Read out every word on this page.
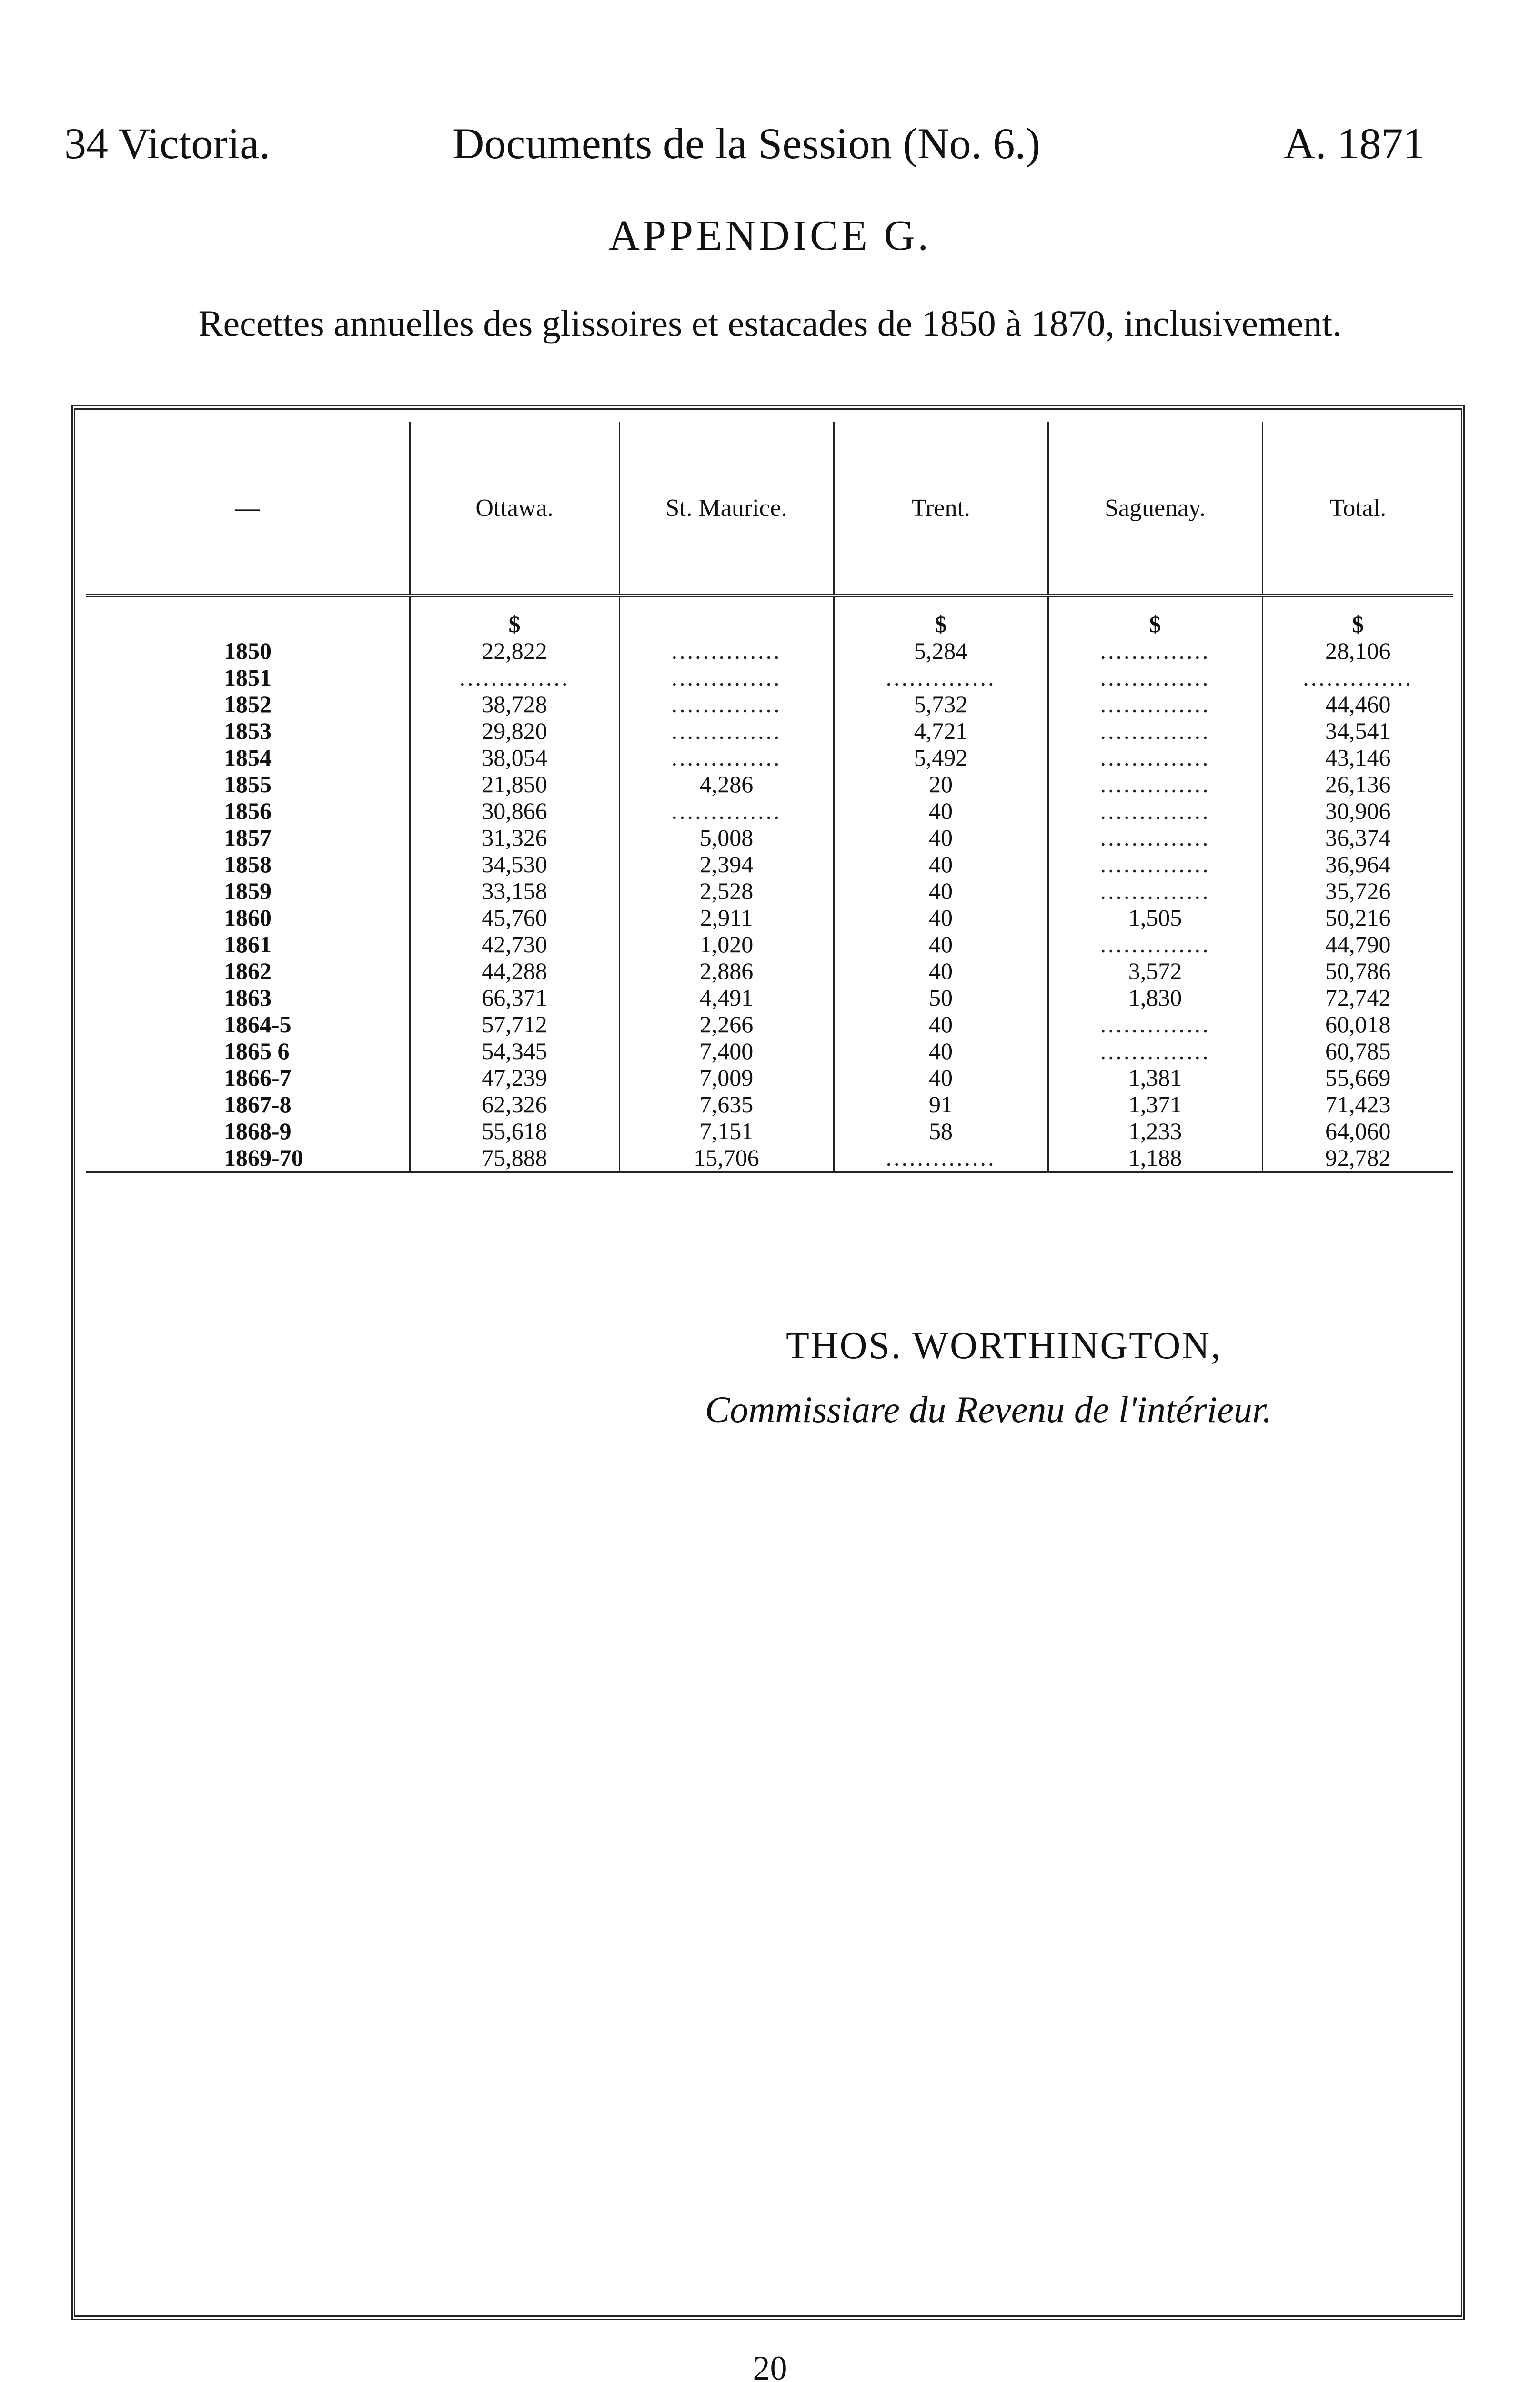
34 Victoria.	Documents de la Session (No. 6.)	A. 1871
APPENDICE G.
Recettes annuelles des glissoires et estacades de 1850 à 1870, inclusivement.
—	Ottawa.	St. Maurice.	Trent.	Saguenay.	Total.
	$		$	$	$
1850	22,822	..............	5,284	..............	28,106
1851	..............	..............	..............	..............	..............
1852	38,728	..............	5,732	..............	44,460
1853	29,820	..............	4,721	..............	34,541
1854	38,054	..............	5,492	..............	43,146
1855	21,850	4,286	20	..............	26,136
1856	30,866	..............	40	..............	30,906
1857	31,326	5,008	40	..............	36,374
1858	34,530	2,394	40	..............	36,964
1859	33,158	2,528	40	..............	35,726
1860	45,760	2,911	40	1,505	50,216
1861	42,730	1,020	40	..............	44,790
1862	44,288	2,886	40	3,572	50,786
1863	66,371	4,491	50	1,830	72,742
1864-5	57,712	2,266	40	..............	60,018
1865 6	54,345	7,400	40	..............	60,785
1866-7	47,239	7,009	40	1,381	55,669
1867-8	62,326	7,635	91	1,371	71,423
1868-9	55,618	7,151	58	1,233	64,060
1869-70	75,888	15,706	..............	1,188	92,782
THOS. WORTHINGTON,
Commissiare du Revenu de l'intérieur.
20
